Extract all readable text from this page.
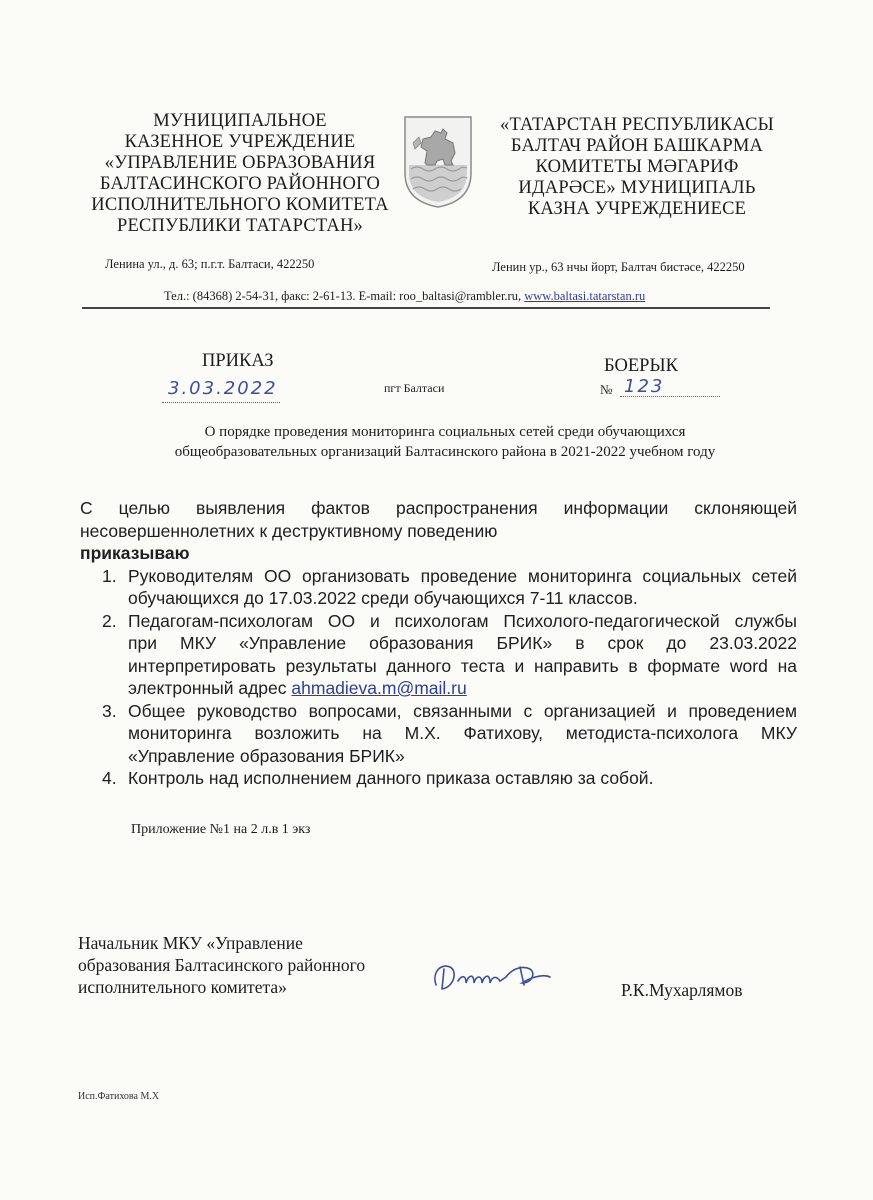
МУНИЦИПАЛЬНОЕ
КАЗЕННОЕ УЧРЕЖДЕНИЕ
«УПРАВЛЕНИЕ ОБРАЗОВАНИЯ
БАЛТАСИНСКОГО РАЙОННОГО
ИСПОЛНИТЕЛЬНОГО КОМИТЕТА
РЕСПУБЛИКИ ТАТАРСТАН»
«ТАТАРСТАН РЕСПУБЛИКАСЫ
БАЛТАЧ РАЙОН БАШКАРМА
КОМИТЕТЫ МӘГАРИФ
ИДАРӘСЕ» МУНИЦИПАЛЬ
КАЗНА УЧРЕЖДЕНИЕСЕ
Ленина ул., д. 63; п.г.т. Балтаси, 422250	Ленин ур., 63 нчы йорт, Балтач бистәсе, 422250
Тел.: (84368) 2-54-31, факс: 2-61-13. E-mail: roo_baltasi@rambler.ru, www.baltasi.tatarstan.ru
ПРИКАЗ	БОЕРЫК
3.03.2022	пгт Балтаси	№ 123
О порядке проведения мониторинга социальных сетей среди обучающихся
общеобразовательных организаций Балтасинского района в 2021-2022 учебном году
С целью выявления фактов распространения информации склоняющей
несовершеннолетних к деструктивному поведению
приказываю
1. Руководителям ОО организовать проведение мониторинга социальных сетей
обучающихся до 17.03.2022 среди обучающихся 7-11 классов.
2. Педагогам-психологам ОО и психологам Психолого-педагогической службы
при МКУ «Управление образования БРИК» в срок до 23.03.2022
интерпретировать результаты данного теста и направить в формате word на
электронный адрес ahmadieva.m@mail.ru
3. Общее руководство вопросами, связанными с организацией и проведением
мониторинга возложить на М.Х. Фатихову, методиста-психолога МКУ
«Управление образования БРИК»
4. Контроль над исполнением данного приказа оставляю за собой.
Приложение №1 на 2 л.в 1 экз
Начальник МКУ «Управление
образования Балтасинского районного
исполнительного комитета»	Р.К.Мухарлямов
Исп.Фатихова М.Х
